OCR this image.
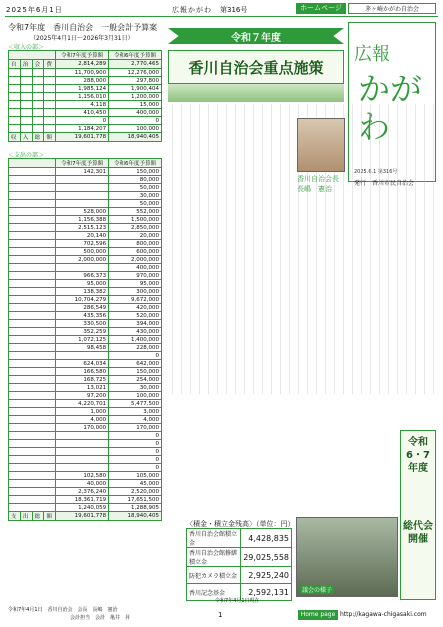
2025年6月1日	広報かがわ 第316号	ホームページ	茅ヶ崎かがわ自治会
令和7年度　香川自治会　一般会計予算案
（2025年4月1日〜2026年3月31日）
＜収入の部＞
				令和7年度予算額	令和6年度予算額
自	治	会	費	2,814,289	2,770,465
				11,700,900	12,276,000
				288,000	297,800
				1,985,124	1,900,404
				1,156,010	1,200,000
				4,118	15,000
				410,450	400,000
				0	0
				1,184,207	100,000
収	入	総	額	19,601,778	18,940,405
＜支出の部＞
				令和7年度予算額	令和6年度予算額
				142,301	150,000
					80,000
					50,000
					30,000
					50,000
				528,000	552,000
				1,156,388	1,500,000
				2,515,123	2,850,000
				20,140	20,000
				702,596	800,000
				500,000	600,000
				2,000,000	2,000,000
					400,000
				966,373	970,000
				95,000	95,000
				138,382	300,000
				10,704,279	9,672,000
				286,549	420,000
				435,356	520,000
				330,500	394,000
				352,259	430,000
				1,072,125	1,400,000
				98,458	228,000
					0
				624,034	642,000
				166,580	150,000
				168,725	254,000
				13,021	30,000
				97,200	100,000
				4,220,701	5,477,500
				1,000	3,000
				4,000	4,000
				170,000	170,000
					0
					0
					0
					0
					0
				102,580	105,000
				40,000	45,000
				2,376,240	2,520,000
				18,361,719	17,651,500
				1,240,059	1,288,905
支	出	総	額	19,601,778	18,940,405
令和7年4月1日　香川自治会　会長　長嶋　憲治
会計担当　会計　亀井　昇
令和７年度
香川自治会重点施策
広報
かがわ
2025.6.1 第316号
発行　香川市民自治会
香川自治会長
長嶋　憲治
令和6・7年度
総代会開催
〈積金・積立金残高〉（単位：円）
香川自治会館積立金	4,428,835
香川自治会館修繕積立金	29,025,558
防犯カメラ積立金	2,925,240
香川記念基金	2,592,131
令和7年4月1日現在
議会の様子
1	Home page http://kagawa-chigasaki.com
